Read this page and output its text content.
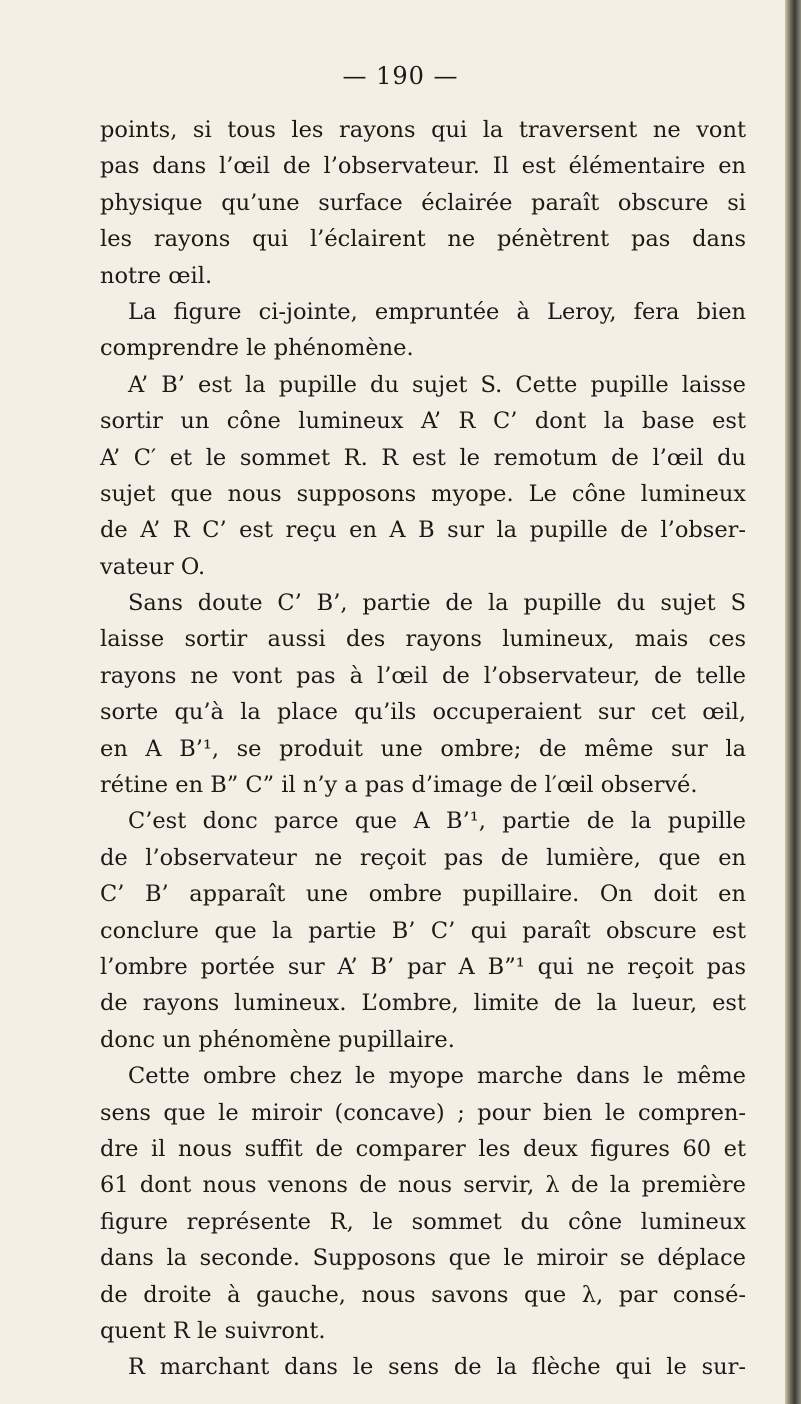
— 190 —
points, si tous les rayons qui la traversent ne vont
pas dans l’œil de l’observateur. Il est élémentaire en
physique qu’une surface éclairée paraît obscure si
les rayons qui l’éclairent ne pénètrent pas dans
notre œil.
La figure ci-jointe, empruntée à Leroy, fera bien
comprendre le phénomène.
A’ B’ est la pupille du sujet S. Cette pupille laisse
sortir un cône lumineux A’ R C’ dont la base est
A’ C′ et le sommet R. R est le remotum de l’œil du
sujet que nous supposons myope. Le cône lumineux
de A’ R C’ est reçu en A B sur la pupille de l’obser-
vateur O.
Sans doute C’ B’, partie de la pupille du sujet S
laisse sortir aussi des rayons lumineux, mais ces
rayons ne vont pas à l’œil de l’observateur, de telle
sorte qu’à la place qu’ils occuperaient sur cet œil,
en A B’¹, se produit une ombre; de même sur la
rétine en B” C” il n’y a pas d’image de l′œil observé.
C’est donc parce que A B’¹, partie de la pupille
de l’observateur ne reçoit pas de lumière, que en
C’ B’ apparaît une ombre pupillaire. On doit en
conclure que la partie B’ C’ qui paraît obscure est
l’ombre portée sur A’ B’ par A B”¹ qui ne reçoit pas
de rayons lumineux. L’ombre, limite de la lueur, est
donc un phénomène pupillaire.
Cette ombre chez le myope marche dans le même
sens que le miroir (concave) ; pour bien le compren-
dre il nous suffit de comparer les deux figures 60 et
61 dont nous venons de nous servir, λ de la première
figure représente R, le sommet du cône lumineux
dans la seconde. Supposons que le miroir se déplace
de droite à gauche, nous savons que λ, par consé-
quent R le suivront.
R marchant dans le sens de la flèche qui le sur-
